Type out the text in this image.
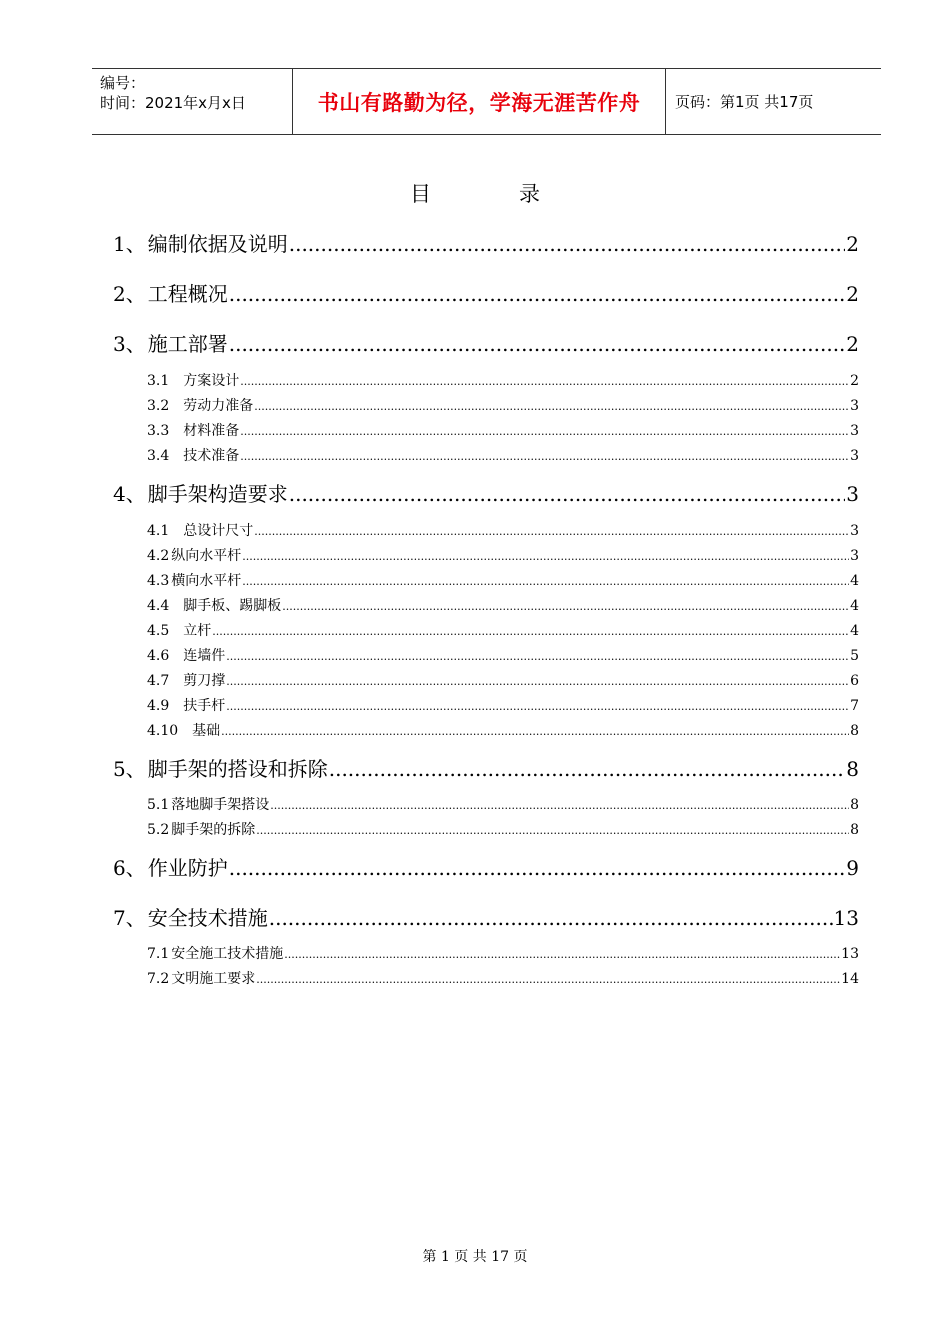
编号：
时间：2021年x月x日	书山有路勤为径，学海无涯苦作舟 页码：第1页 共17页
目	录
1、 编制依据及说明 .....	2
2、 工程概况 .....	2
3、 施工部署 .....	2
3.1 方案设计 .....	2
3.2 劳动力准备 .....	3
3.3 材料准备 .....	3
3.4 技术准备 .....	3
4、 脚手架构造要求 .....	3
4.1 总设计尺寸 .....	3
4.2 纵向水平杆 .....	3
4.3 横向水平杆 .....	4
4.4 脚手板、踢脚板 .....	4
4.5 立杆 .....	4
4.6 连墙件 .....	5
4.7 剪刀撑 .....	6
4.9 扶手杆 .....	7
4.10 基础 .....	8
5、 脚手架的搭设和拆除 .....	8
5.1 落地脚手架搭设 .....	8
5.2 脚手架的拆除 .....	8
6、 作业防护 .....	9
7、 安全技术措施 .....	13
7.1 安全施工技术措施 .....	13
7.2 文明施工要求 .....	14
第 1 页 共 17 页
